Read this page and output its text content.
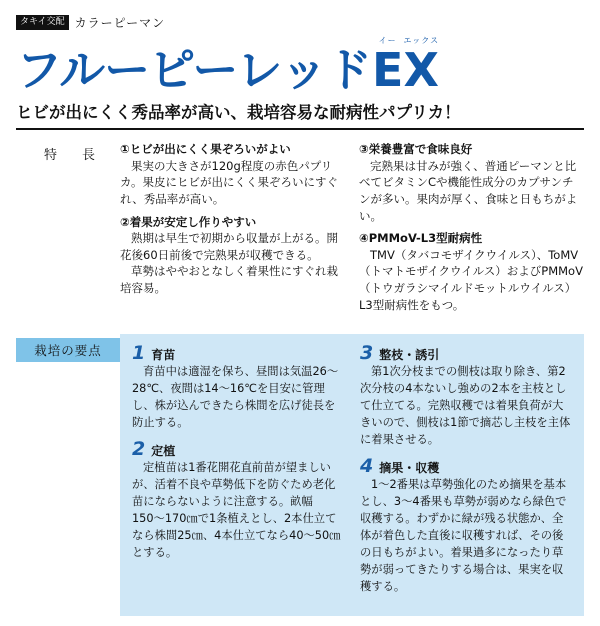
タキイ交配 カラーピーマン
フルーピーレッド
イー
E
エックス
X
ヒビが出にくく秀品率が高い、栽培容易な耐病性パプリカ！
特　長	①ヒビが出にくく果ぞろいがよい
果実の大きさが120g程度の赤色パプリカ。果皮にヒビが出にくく果ぞろいにすぐれ、秀品率が高い。
②着果が安定し作りやすい
熟期は早生で初期から収量が上がる。開花後60日前後で完熟果が収穫できる。
草勢はややおとなしく着果性にすぐれ栽培容易。
③栄養豊富で食味良好
完熟果は甘みが強く、普通ピーマンと比べてビタミンCや機能性成分のカプサンチンが多い。果肉が厚く、食味と日もちがよい。
④PMMoV-L3型耐病性
TMV（タバコモザイクウイルス）、ToMV（トマトモザイクウイルス）およびPMMoV（トウガラシマイルドモットルウイルス）L3型耐病性をもつ。
栽培の要点	1 育苗
育苗中は適湿を保ち、昼間は気温26〜28℃、夜間は14〜16℃を目安に管理し、株が込んできたら株間を広げ徒長を防止する。
2 定植
定植苗は1番花開花直前苗が望ましいが、活着不良や草勢低下を防ぐため老化苗にならないように注意する。畝幅150〜170㎝で1条植えとし、2本仕立てなら株間25㎝、4本仕立てなら40〜50㎝とする。
3 整枝・誘引
第1次分枝までの側枝は取り除き、第2次分枝の4本ないし強めの2本を主枝として仕立てる。完熟収穫では着果負荷が大きいので、側枝は1節で摘芯し主枝を主体に着果させる。
4 摘果・収穫
1〜2番果は草勢強化のため摘果を基本とし、3〜4番果も草勢が弱めなら緑色で収穫する。わずかに緑が残る状態か、全体が着色した直後に収穫すれば、その後の日もちがよい。着果過多になったり草勢が弱ってきたりする場合は、果実を収穫する。
